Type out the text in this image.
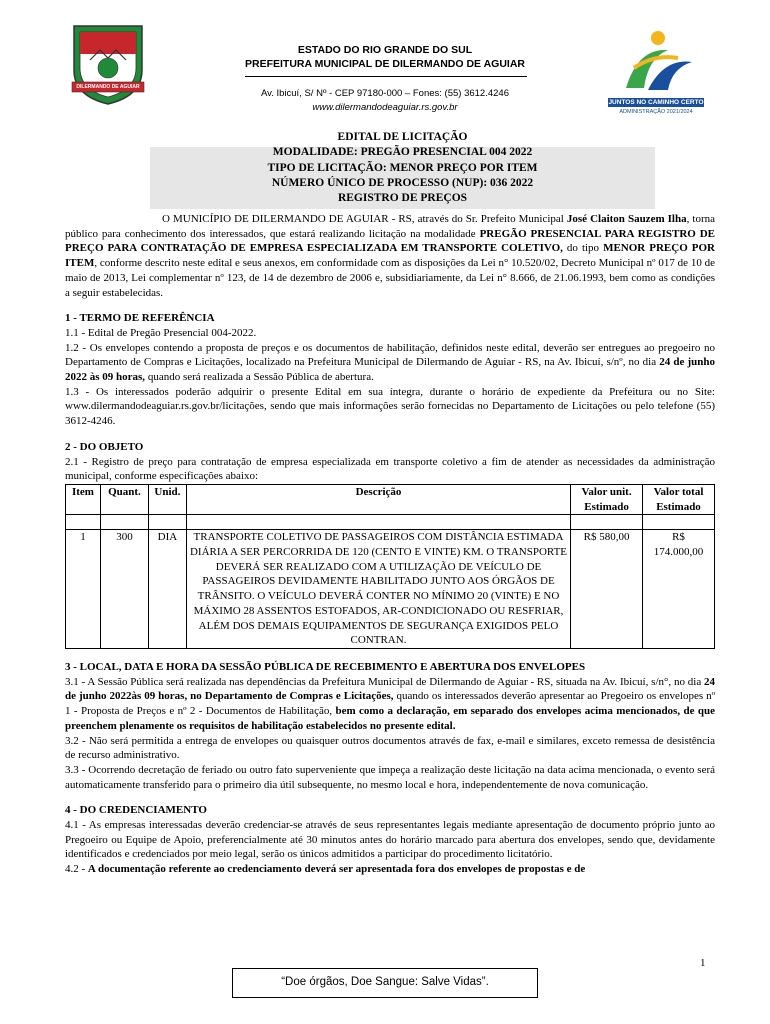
DILERMANDO DE AGUIAR
ESTADO DO RIO GRANDE DO SUL
PREFEITURA MUNICIPAL DE DILERMANDO DE AGUIAR
Av. Ibicuí, S/ Nº - CEP 97180-000 – Fones: (55) 3612.4246
www.dilermandodeaguiar.rs.gov.br	JUNTOS NO CAMINHO CERTO
ADMINISTRAÇÃO 2021/2024
EDITAL DE LICITAÇÃO
MODALIDADE: PREGÃO PRESENCIAL 004 2022
TIPO DE LICITAÇÃO: MENOR PREÇO POR ITEM
NÚMERO ÚNICO DE PROCESSO (NUP): 036 2022
REGISTRO DE PREÇOS

O MUNICÍPIO DE DILERMANDO DE AGUIAR - RS, através do Sr. Prefeito Municipal José Claiton Sauzem Ilha, torna público para conhecimento dos interessados, que estará realizando licitação na modalidade PREGÃO PRESENCIAL PARA REGISTRO DE PREÇO PARA CONTRATAÇÃO DE EMPRESA ESPECIALIZADA EM TRANSPORTE COLETIVO, do tipo MENOR PREÇO POR ITEM, conforme descrito neste edital e seus anexos, em conformidade com as disposições da Lei n° 10.520/02, Decreto Municipal nº 017 de 10 de maio de 2013, Lei complementar nº 123, de 14 de dezembro de 2006 e, subsidiariamente, da Lei n° 8.666, de 21.06.1993, bem como as condições a seguir estabelecidas.

1 - TERMO DE REFERÊNCIA

1.1 - Edital de Pregão Presencial 004-2022.

1.2 - Os envelopes contendo a proposta de preços e os documentos de habilitação, definidos neste edital, deverão ser entregues ao pregoeiro no Departamento de Compras e Licitações, localizado na Prefeitura Municipal de Dilermando de Aguiar - RS, na Av. Ibicuí, s/nº, no dia 24 de junho 2022 às 09 horas, quando será realizada a Sessão Pública de abertura.

1.3 - Os interessados poderão adquirir o presente Edital em sua íntegra, durante o horário de expediente da Prefeitura ou no Site: www.dilermandodeaguiar.rs.gov.br/licitações, sendo que mais informações serão fornecidas no Departamento de Licitações ou pelo telefone (55) 3612-4246.

2 - DO OBJETO

2.1 - Registro de preço para contratação de empresa especializada em transporte coletivo a fim de atender as necessidades da administração municipal, conforme especificações abaixo:

Item	Quant.	Unid.	Descrição	Valor unit. Estimado	Valor total Estimado

1	300	DIA	TRANSPORTE COLETIVO DE PASSAGEIROS COM DISTÂNCIA ESTIMADA DIÁRIA A SER PERCORRIDA DE 120 (CENTO E VINTE) KM. O TRANSPORTE DEVERÁ SER REALIZADO COM A UTILIZAÇÃO DE VEÍCULO DE PASSAGEIROS DEVIDAMENTE HABILITADO JUNTO AOS ÓRGÃOS DE TRÂNSITO. O VEÍCULO DEVERÁ CONTER NO MÍNIMO 20 (VINTE) E NO MÁXIMO 28 ASSENTOS ESTOFADOS, AR-CONDICIONADO OU RESFRIAR, ALÉM DOS DEMAIS EQUIPAMENTOS DE SEGURANÇA EXIGIDOS PELO CONTRAN.	R$ 580,00	R$ 174.000,00

3 - LOCAL, DATA E HORA DA SESSÃO PÚBLICA DE RECEBIMENTO E ABERTURA DOS ENVELOPES

3.1 - A Sessão Pública será realizada nas dependências da Prefeitura Municipal de Dilermando de Aguiar - RS, situada na Av. Ibicuí, s/n°, no dia 24 de junho 2022às 09 horas, no Departamento de Compras e Licitações, quando os interessados deverão apresentar ao Pregoeiro os envelopes nº 1 - Proposta de Preços e nº 2 - Documentos de Habilitação, bem como a declaração, em separado dos envelopes acima mencionados, de que preenchem plenamente os requisitos de habilitação estabelecidos no presente edital.

3.2 - Não será permitida a entrega de envelopes ou quaisquer outros documentos através de fax, e-mail e similares, exceto remessa de desistência de recurso administrativo.

3.3 - Ocorrendo decretação de feriado ou outro fato superveniente que impeça a realização deste licitação na data acima mencionada, o evento será automaticamente transferido para o primeiro dia útil subsequente, no mesmo local e hora, independentemente de nova comunicação.

4 - DO CREDENCIAMENTO

4.1 - As empresas interessadas deverão credenciar-se através de seus representantes legais mediante apresentação de documento próprio junto ao Pregoeiro ou Equipe de Apoio, preferencialmente até 30 minutos antes do horário marcado para abertura dos envelopes, sendo que, devidamente identificados e credenciados por meio legal, serão os únicos admitidos a participar do procedimento licitatório.

4.2 - A documentação referente ao credenciamento deverá ser apresentada fora dos envelopes de propostas e de

1
“Doe órgãos, Doe Sangue: Salve Vidas”.
